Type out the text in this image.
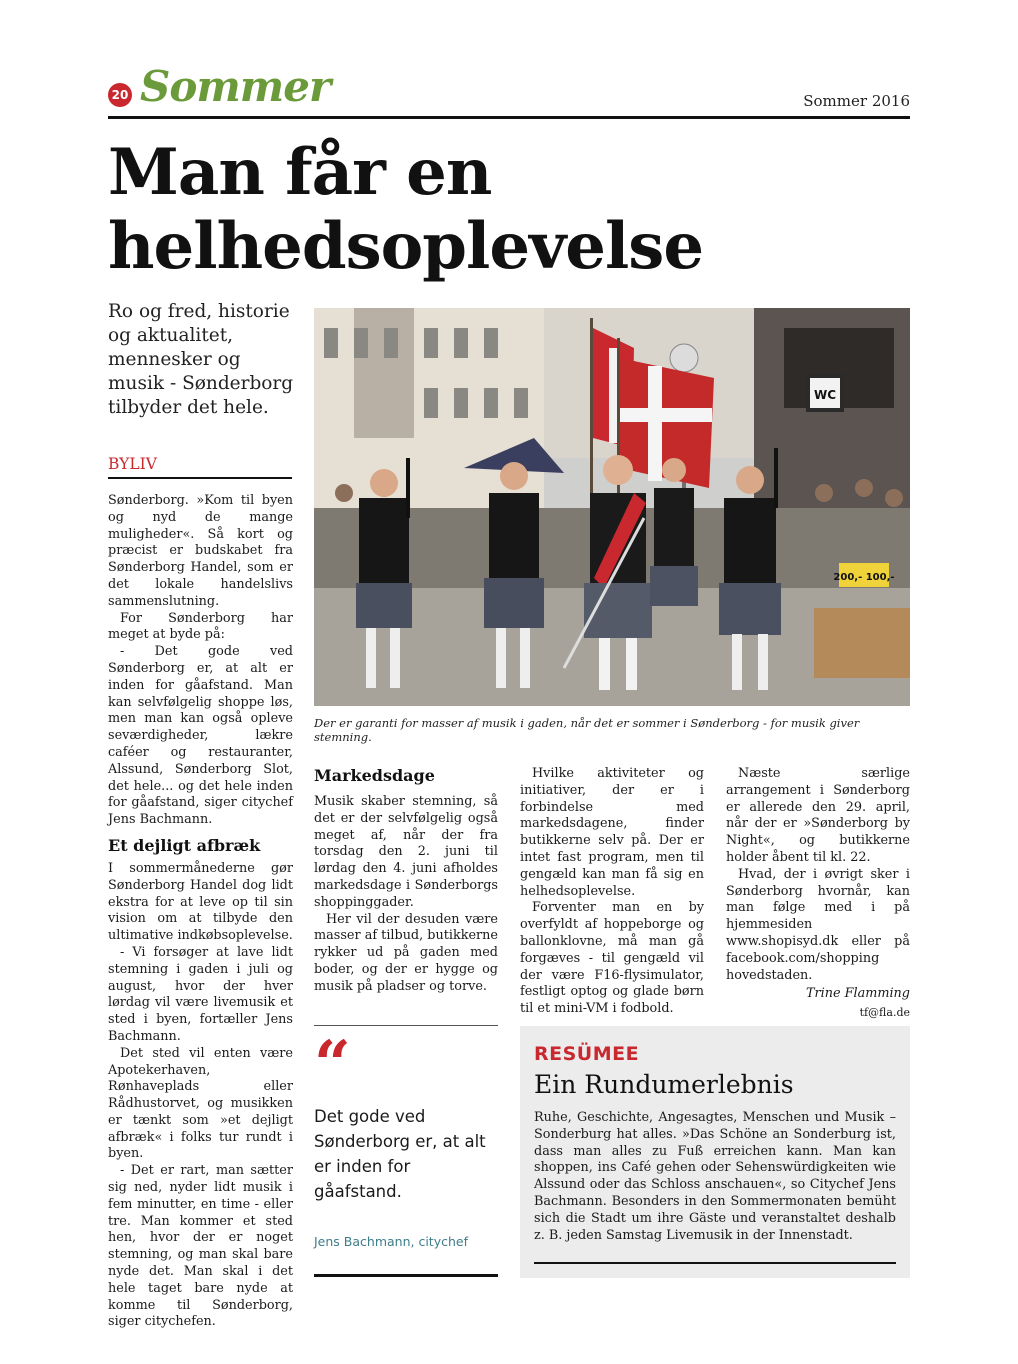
20 Sommer	Sommer 2016
Man får en
helhedsoplevelse
Ro og fred, historie og aktualitet, mennesker og musik - Sønderborg tilbyder det hele.
BYLIV

Sønderborg. »Kom til byen og nyd de mange muligheder«. Så kort og præcist er budskabet fra Sønderborg Handel, som er det lokale handelslivs sammenslutning.

For Sønderborg har meget at byde på:

- Det gode ved Sønderborg er, at alt er inden for gåafstand. Man kan selvfølgelig shoppe løs, men man kan også opleve seværdigheder, lækre caféer og restauranter, Alssund, Sønderborg Slot, det hele... og det hele inden for gåafstand, siger citychef Jens Bachmann.

Et dejligt afbræk

I sommermånederne gør Sønderborg Handel dog lidt ekstra for at leve op til sin vision om at tilbyde den ultimative indkøbsoplevelse.

- Vi forsøger at lave lidt stemning i gaden i juli og august, hvor der hver lørdag vil være livemusik et sted i byen, fortæller Jens Bachmann.

Det sted vil enten være Apotekerhaven, Rønhaveplads eller Rådhustorvet, og musikken er tænkt som »et dejligt afbræk« i folks tur rundt i byen.

- Det er rart, man sætter sig ned, nyder lidt musik i fem minutter, en time - eller tre. Man kommer et sted hen, hvor der er noget stemning, og man skal bare nyde det. Man skal i det hele taget bare nyde at komme til Sønderborg, siger citychefen.

WC
200,- 100,-
Der er garanti for masser af musik i gaden, når det er sommer i Sønderborg - for musik giver stemning.

Markedsdage

Musik skaber stemning, så det er der selvfølgelig også meget af, når der fra torsdag den 2. juni til lørdag den 4. juni afholdes markedsdage i Sønderborgs shoppinggader.

Her vil der desuden være masser af tilbud, butikkerne rykker ud på gaden med boder, og der er hygge og musik på pladser og torve.

Hvilke aktiviteter og initiativer, der er i forbindelse med markedsdagene, finder butikkerne selv på. Der er intet fast program, men til gengæld kan man få sig en helhedsoplevelse.

Forventer man en by overfyldt af hoppeborge og ballonklovne, må man gå forgæves - til gengæld vil der være F16-flysimulator, festligt optog og glade børn til et mini-VM i fodbold.

Næste særlige arrangement i Sønderborg er allerede den 29. april, når der er »Sønderborg by Night«, og butikkerne holder åbent til kl. 22.

Hvad, der i øvrigt sker i Sønderborg hvornår, kan man følge med i på hjemmesiden www.shopisyd.dk eller på facebook.com/shopping hovedstaden.

Trine Flamming

tf@fla.de

“
Det gode ved Sønderborg er, at alt er inden for gåafstand.
Jens Bachmann, citychef
RESÜMEE
Ein Rundumerlebnis
Ruhe, Geschichte, Angesagtes, Menschen und Musik – Sonderburg hat alles. »Das Schöne an Sonderburg ist, dass man alles zu Fuß erreichen kann. Man kan shoppen, ins Café gehen oder Sehenswürdigkeiten wie Alssund oder das Schloss anschauen«, so Citychef Jens Bachmann. Besonders in den Sommermonaten bemüht sich die Stadt um ihre Gäste und veranstaltet deshalb z. B. jeden Samstag Livemusik in der Innenstadt.
